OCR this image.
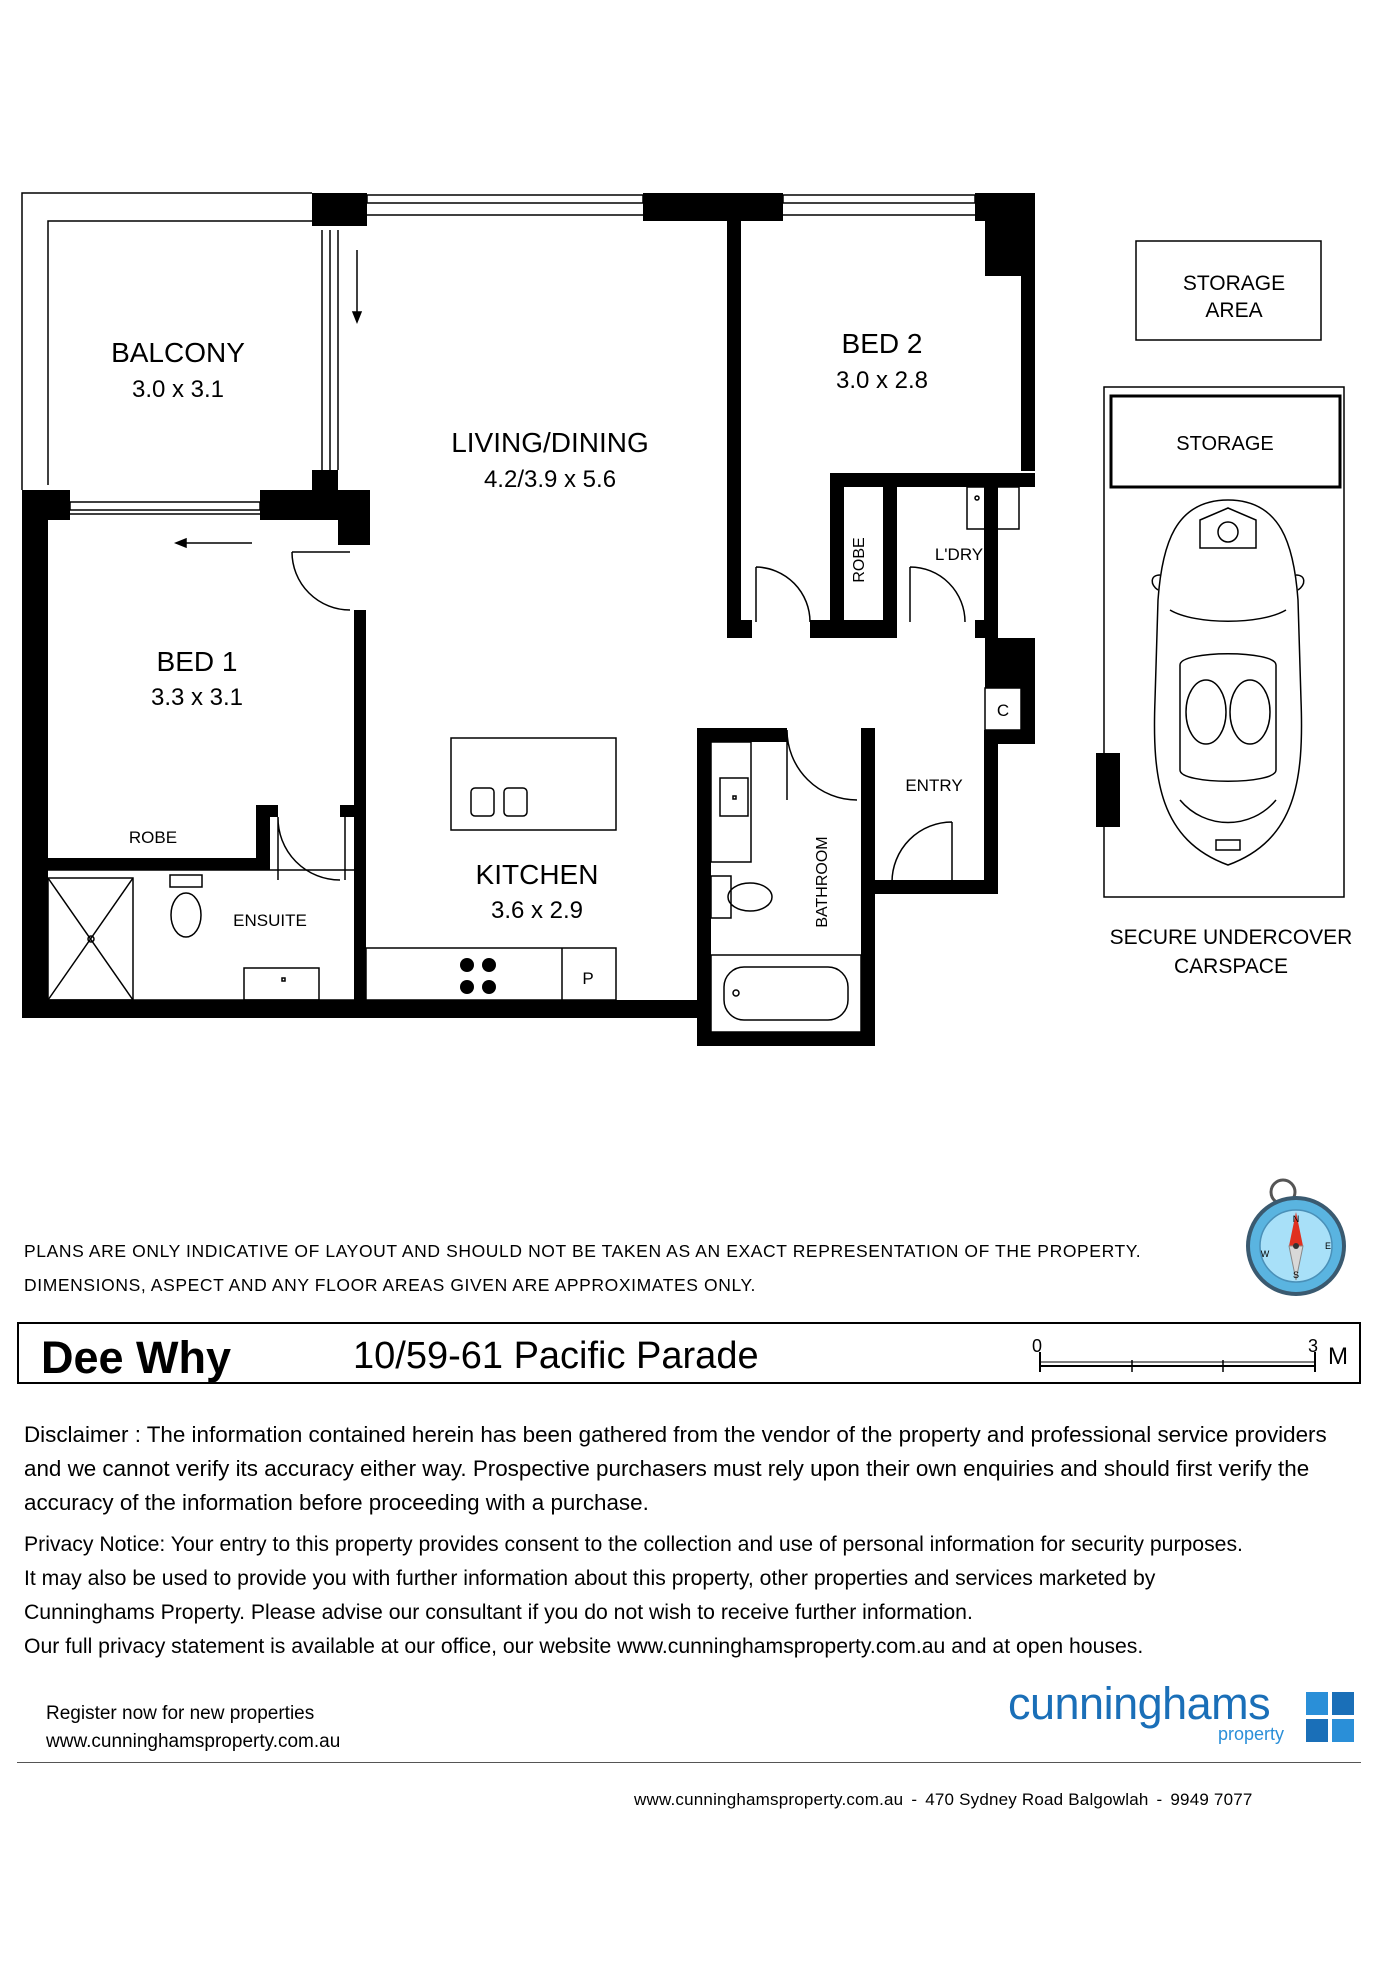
BALCONY
3.0 x 3.1
LIVING/DINING
4.2/3.9 x 5.6
BED 2
3.0 x 2.8
BED 1
3.3 x 3.1
KITCHEN
3.6 x 2.9
ROBE
ROBE	L'DRY
ENSUITE	BATHROOM
ENTRY
C
P
STORAGE
AREA
STORAGE
SECURE UNDERCOVER
CARSPACE
N
S
E
W
0	3 M
PLANS ARE ONLY INDICATIVE OF LAYOUT AND SHOULD NOT BE TAKEN AS AN EXACT REPRESENTATION OF THE PROPERTY.
DIMENSIONS, ASPECT AND ANY FLOOR AREAS GIVEN ARE APPROXIMATES ONLY.
Dee Why	10/59-61 Pacific Parade
Disclaimer : The information contained herein has been gathered from the vendor of the property and professional service providers and we cannot verify its accuracy either way. Prospective purchasers must rely upon their own enquiries and should first verify the accuracy of the information before proceeding with a purchase.
Privacy Notice: Your entry to this property provides consent to the collection and use of personal information for security purposes.
It may also be used to provide you with further information about this property, other properties and services marketed by
Cunninghams Property. Please advise our consultant if you do not wish to receive further information.
Our full privacy statement is available at our office, our website www.cunninghamsproperty.com.au and at open houses.
Register now for new properties
www.cunninghamsproperty.com.au
cunninghams
property
www.cunninghamsproperty.com.au - 470 Sydney Road Balgowlah - 9949 7077
